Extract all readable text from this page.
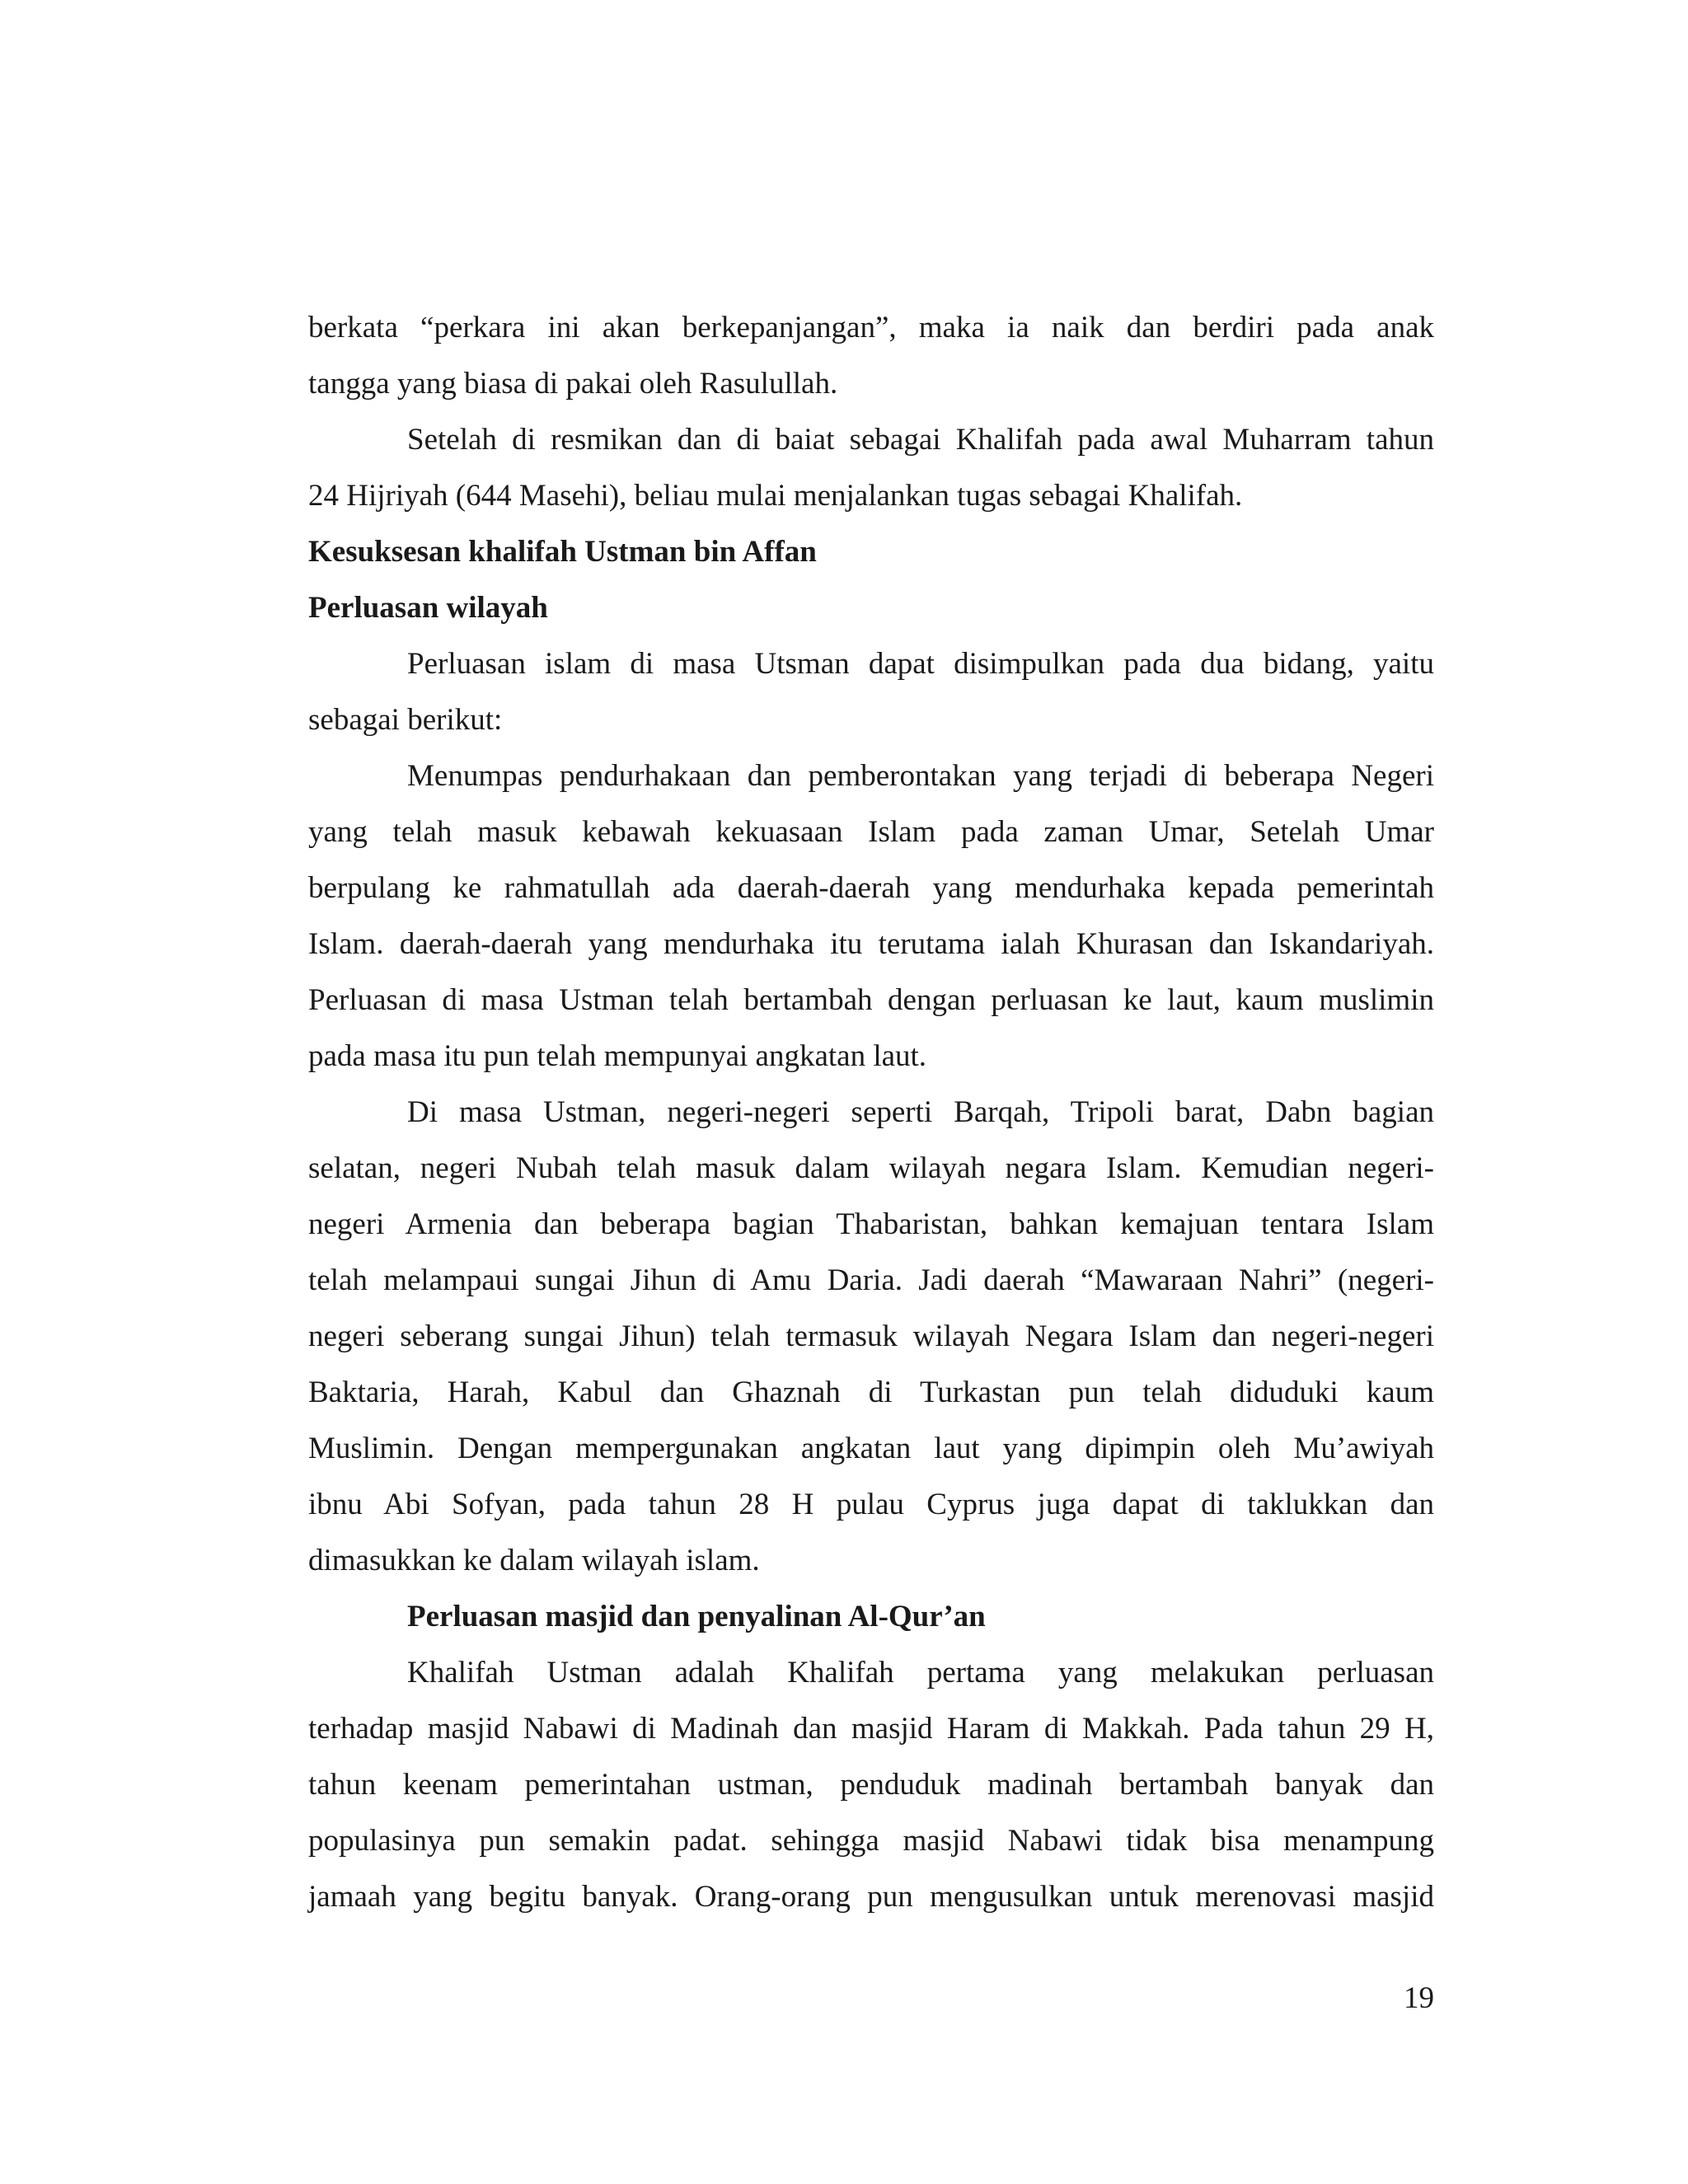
berkata “perkara ini akan berkepanjangan”, maka ia naik dan berdiri pada anak
tangga yang biasa di pakai oleh Rasulullah.
Setelah di resmikan dan di baiat sebagai Khalifah pada awal Muharram tahun
24 Hijriyah (644 Masehi), beliau mulai menjalankan tugas sebagai Khalifah.
Kesuksesan khalifah Ustman bin Affan
Perluasan wilayah
Perluasan islam di masa Utsman dapat disimpulkan pada dua bidang, yaitu
sebagai berikut:
Menumpas pendurhakaan dan pemberontakan yang terjadi di beberapa Negeri
yang telah masuk kebawah kekuasaan Islam pada zaman Umar, Setelah Umar
berpulang ke rahmatullah ada daerah-daerah yang mendurhaka kepada pemerintah
Islam. daerah-daerah yang mendurhaka itu terutama ialah Khurasan dan Iskandariyah.
Perluasan di masa Ustman telah bertambah dengan perluasan ke laut, kaum muslimin
pada masa itu pun telah mempunyai angkatan laut.
Di masa Ustman, negeri-negeri seperti Barqah, Tripoli barat, Dabn bagian
selatan, negeri Nubah telah masuk dalam wilayah negara Islam. Kemudian negeri-
negeri Armenia dan beberapa bagian Thabaristan, bahkan kemajuan tentara Islam
telah melampaui sungai Jihun di Amu Daria. Jadi daerah “Mawaraan Nahri” (negeri-
negeri seberang sungai Jihun) telah termasuk wilayah Negara Islam dan negeri-negeri
Baktaria, Harah, Kabul dan Ghaznah di Turkastan pun telah diduduki kaum
Muslimin. Dengan mempergunakan angkatan laut yang dipimpin oleh Mu’awiyah
ibnu Abi Sofyan, pada tahun 28 H pulau Cyprus juga dapat di taklukkan dan
dimasukkan ke dalam wilayah islam.
Perluasan masjid dan penyalinan Al-Qur’an
Khalifah Ustman adalah Khalifah pertama yang melakukan perluasan
terhadap masjid Nabawi di Madinah dan masjid Haram di Makkah. Pada tahun 29 H,
tahun keenam pemerintahan ustman, penduduk madinah bertambah banyak dan
populasinya pun semakin padat. sehingga masjid Nabawi tidak bisa menampung
jamaah yang begitu banyak. Orang-orang pun mengusulkan untuk merenovasi masjid
19
